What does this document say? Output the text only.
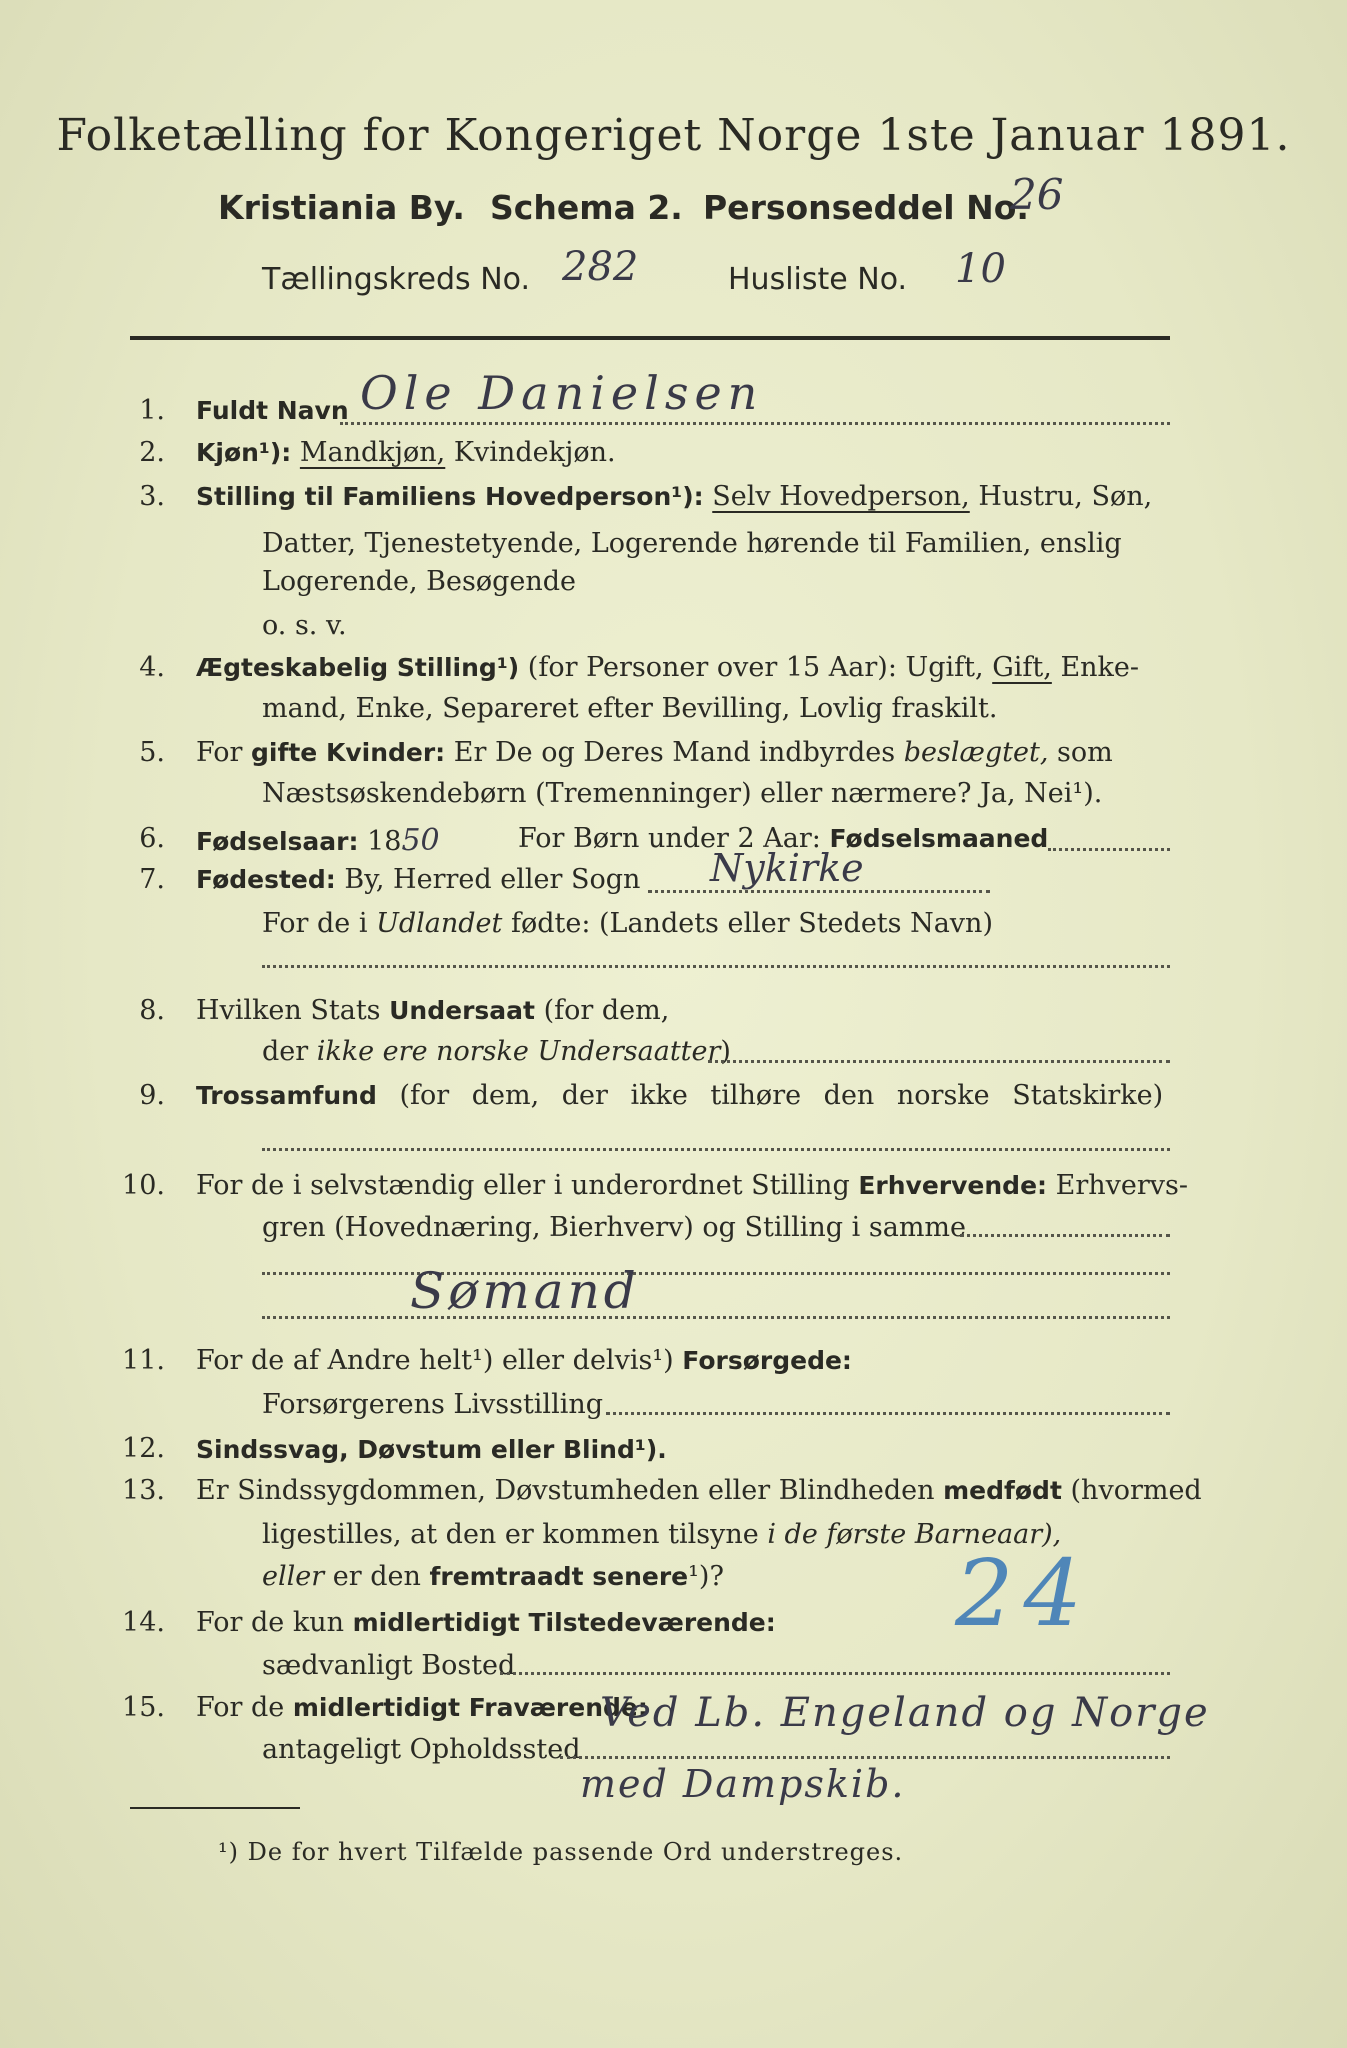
Folketælling for Kongeriget Norge 1ste Januar 1891.
Kristiania By. Schema 2. Personseddel No.
26
Tællingskreds No. 282	Husliste No. 10
1. Fuldt Navn Ole Danielsen
2. Kjøn¹): Mandkjøn, Kvindekjøn.
3. Stilling til Familiens Hovedperson¹): Selv Hovedperson, Hustru, Søn,
Datter, Tjenestetyende, Logerende hørende til Familien, enslig
Logerende, Besøgende
o. s. v.
4. Ægteskabelig Stilling¹) (for Personer over 15 Aar): Ugift, Gift, Enke-
mand, Enke, Separeret efter Bevilling, Lovlig fraskilt.
5. For gifte Kvinder: Er De og Deres Mand indbyrdes beslægtet, som
Næstsøskendebørn (Tremenninger) eller nærmere? Ja, Nei¹).
6. Fødselsaar: 1850	For Børn under 2 Aar: Fødselsmaaned
7. Fødested: By, Herred eller Sogn Nykirke
For de i Udlandet fødte: (Landets eller Stedets Navn)
8. Hvilken Stats Undersaat (for dem,
der ikke ere norske Undersaatter)
9. Trossamfund (for dem, der ikke tilhøre den norske Statskirke)
10. For de i selvstændig eller i underordnet Stilling Erhvervende: Erhvervs-
gren (Hovednæring, Bierhverv) og Stilling i samme
Sømand
11. For de af Andre helt¹) eller delvis¹) Forsørgede:
Forsørgerens Livsstilling
12. Sindssvag, Døvstum eller Blind¹).
13. Er Sindssygdommen, Døvstumheden eller Blindheden medfødt (hvormed
ligestilles, at den er kommen tilsyne i de første Barneaar),
eller er den fremtraadt senere¹)?	24
14. For de kun midlertidigt Tilstedeværende:
sædvanligt Bosted
15. For de midlertidigt Fraværende:
antageligt Opholdssted
Ved Lb. Engeland og Norge
med Dampskib.
¹) De for hvert Tilfælde passende Ord understreges.
